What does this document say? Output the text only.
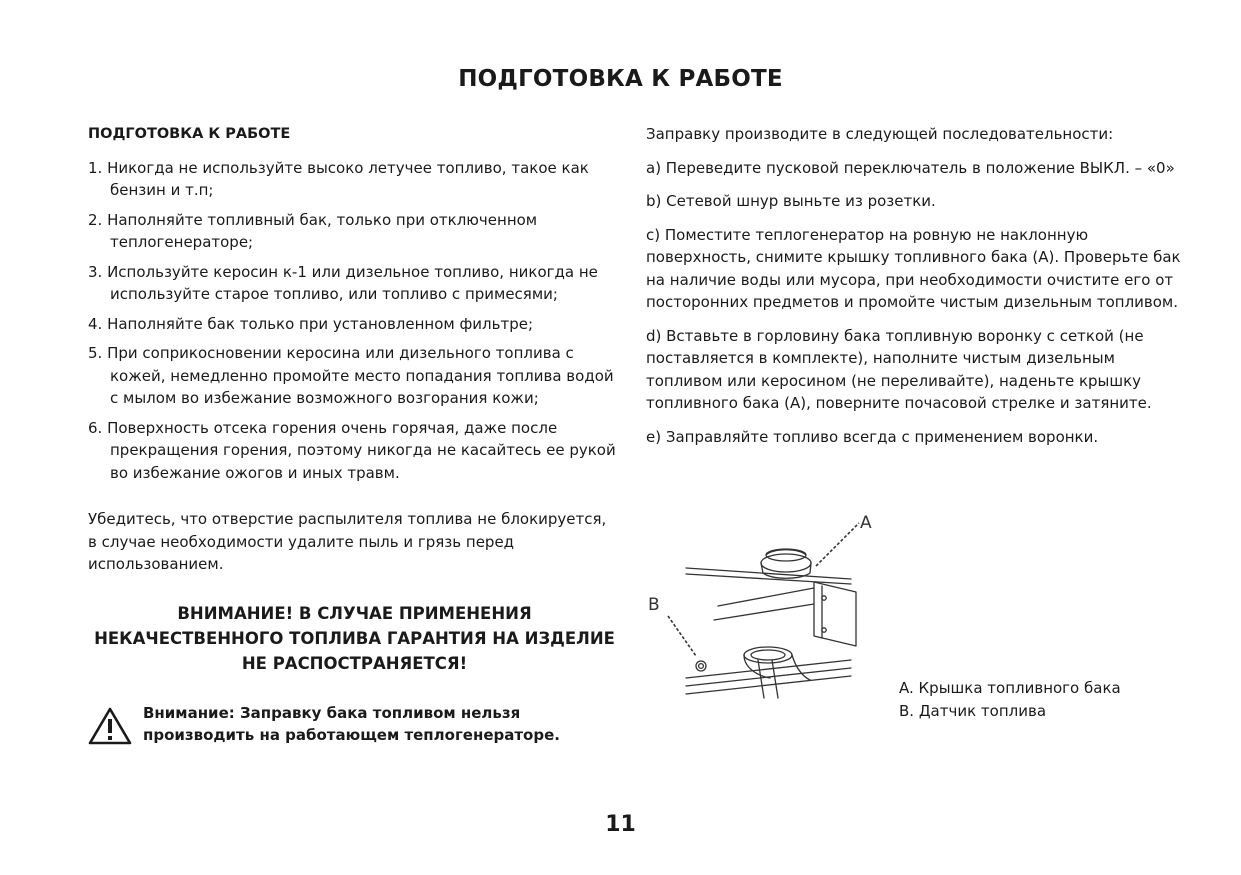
ПОДГОТОВКА К РАБОТЕ
ПОДГОТОВКА К РАБОТЕ
1. Никогда не используйте высоко летучее топливо, такое как бензин и т.п;
2. Наполняйте топливный бак, только при отключенном теплогенераторе;
3. Используйте керосин к-1 или дизельное топливо, никогда не используйте старое топливо, или топливо с примесями;
4. Наполняйте бак только при установленном фильтре;
5. При соприкосновении керосина или дизельного топлива с кожей, немедленно промойте место попадания топлива водой с мылом во избежание возможного возгорания кожи;
6. Поверхность отсека горения очень горячая, даже после прекращения горения, поэтому никогда не касайтесь ее рукой во избежание ожогов и иных травм.
Убедитесь, что отверстие распылителя топлива не блокируется, в случае необходимости удалите пыль и грязь перед использованием.
ВНИМАНИЕ! В СЛУЧАЕ ПРИМЕНЕНИЯ НЕКАЧЕСТВЕННОГО ТОПЛИВА ГАРАНТИЯ НА ИЗДЕЛИЕ НЕ РАСПОСТРАНЯЕТСЯ!
Внимание: Заправку бака топливом нельзя производить на работающем теплогенераторе.

Заправку производите в следующей последовательности:

a) Переведите пусковой переключатель в положение ВЫКЛ. – «0»

b) Сетевой шнур выньте из розетки.

c) Поместите теплогенератор на ровную не наклонную поверхность, снимите крышку топливного бака (А). Проверьте бак на наличие воды или мусора, при необходимости очистите его от посторонних предметов и промойте чистым дизельным топливом.

d) Вставьте в горловину бака топливную воронку с сеткой (не поставляется в комплекте), наполните чистым дизельным топливом или керосином (не переливайте), наденьте крышку топливного бака (А), поверните почасовой стрелке и затяните.

e) Заправляйте топливо всегда с применением воронки.

A
B
A. Крышка топливного бака
B. Датчик топлива
11
